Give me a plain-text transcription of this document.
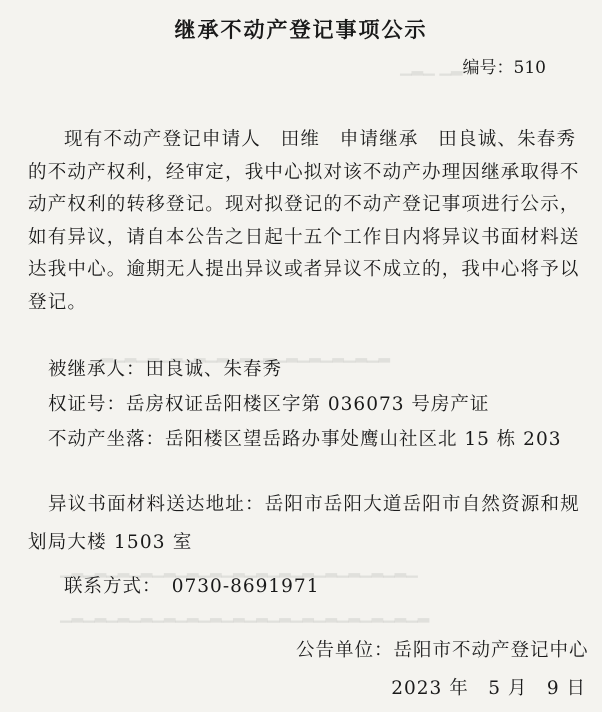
▁▂▁ ▁▂
▁▂▁▂▁▂▁▂▁▂▁▂▁▂▁▂▁▂▁▂▁▂▁▂▁▂
▁▂▁▂▁▂▁▂▁▂▁▂▁▂▁▂▁▂▁▂▁▂▁▂▁▂▁▂▁▂▁
▁▂▁▂▁▂▁▂▁▂▁▂▁▂▁▂▁▂▁▂▁▂▁▂▁▂▁▂▁▂▁▂
继承不动产登记事项公示
编号：510
现有不动产登记申请人　田维　申请继承　田良诚、朱春秀　的不动产权利，经审定，我中心拟对该不动产办理因继承取得不动产权利的转移登记。现对拟登记的不动产登记事项进行公示，如有异议，请自本公告之日起十五个工作日内将异议书面材料送达我中心。逾期无人提出异议或者异议不成立的，我中心将予以登记。
被继承人：田良诚、朱春秀
权证号：岳房权证岳阳楼区字第 036073 号房产证
不动产坐落：岳阳楼区望岳路办事处鹰山社区北 15 栋 203
异议书面材料送达地址：岳阳市岳阳大道岳阳市自然资源和规划局大楼 1503 室
联系方式：　0730-8691971
公告单位：岳阳市不动产登记中心
2023 年　5 月　9 日
